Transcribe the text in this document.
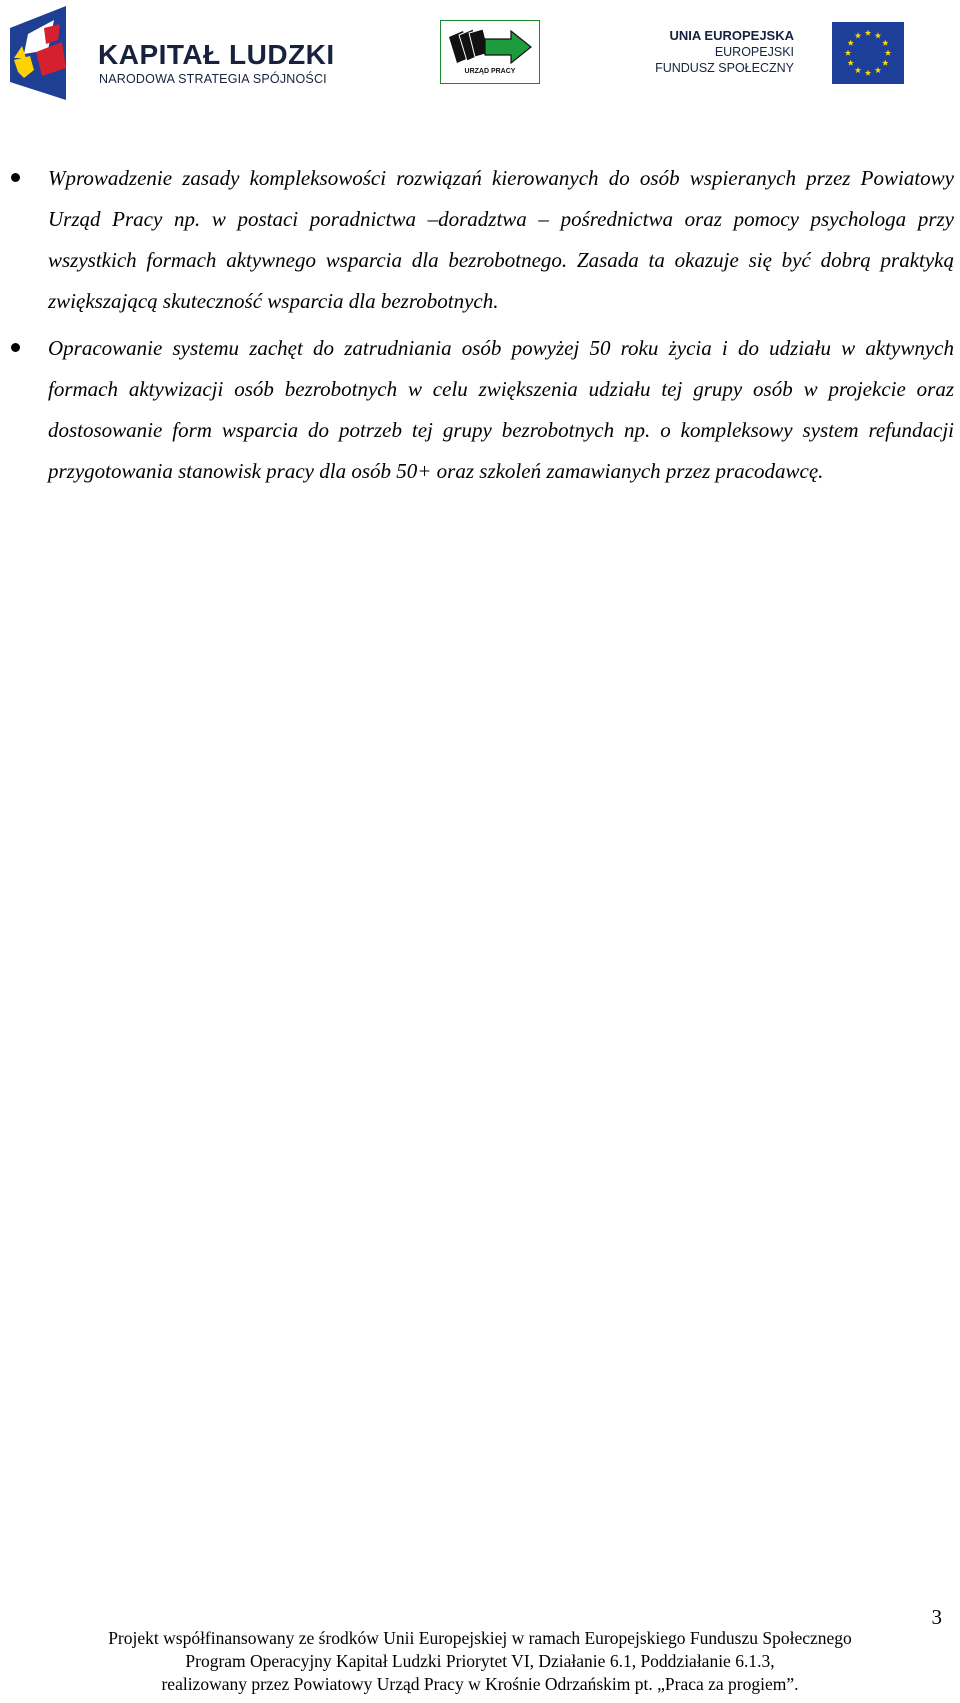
KAPITAŁ LUDZKI
NARODOWA STRATEGIA SPÓJNOŚCI
URZĄD PRACY
UNIA EUROPEJSKA
EUROPEJSKI
FUNDUSZ SPOŁECZNY
Wprowadzenie zasady kompleksowości rozwiązań kierowanych do osób wspieranych przez Powiatowy Urząd Pracy np. w postaci poradnictwa –doradztwa – pośrednictwa oraz pomocy psychologa przy wszystkich formach aktywnego wsparcia dla bezrobotnego. Zasada ta okazuje się być dobrą praktyką zwiększającą skuteczność wsparcia dla bezrobotnych.
Opracowanie systemu zachęt do zatrudniania osób powyżej 50 roku życia i do udziału w aktywnych formach aktywizacji osób bezrobotnych w celu zwiększenia udziału tej grupy osób w projekcie oraz dostosowanie form wsparcia do potrzeb tej grupy bezrobotnych np. o kompleksowy system refundacji przygotowania stanowisk pracy dla osób 50+ oraz szkoleń zamawianych przez pracodawcę.
3
Projekt współfinansowany ze środków Unii Europejskiej w ramach Europejskiego Funduszu Społecznego
Program Operacyjny Kapitał Ludzki Priorytet VI, Działanie 6.1, Poddziałanie 6.1.3,
realizowany przez Powiatowy Urząd Pracy w Krośnie Odrzańskim pt. „Praca za progiem”.
